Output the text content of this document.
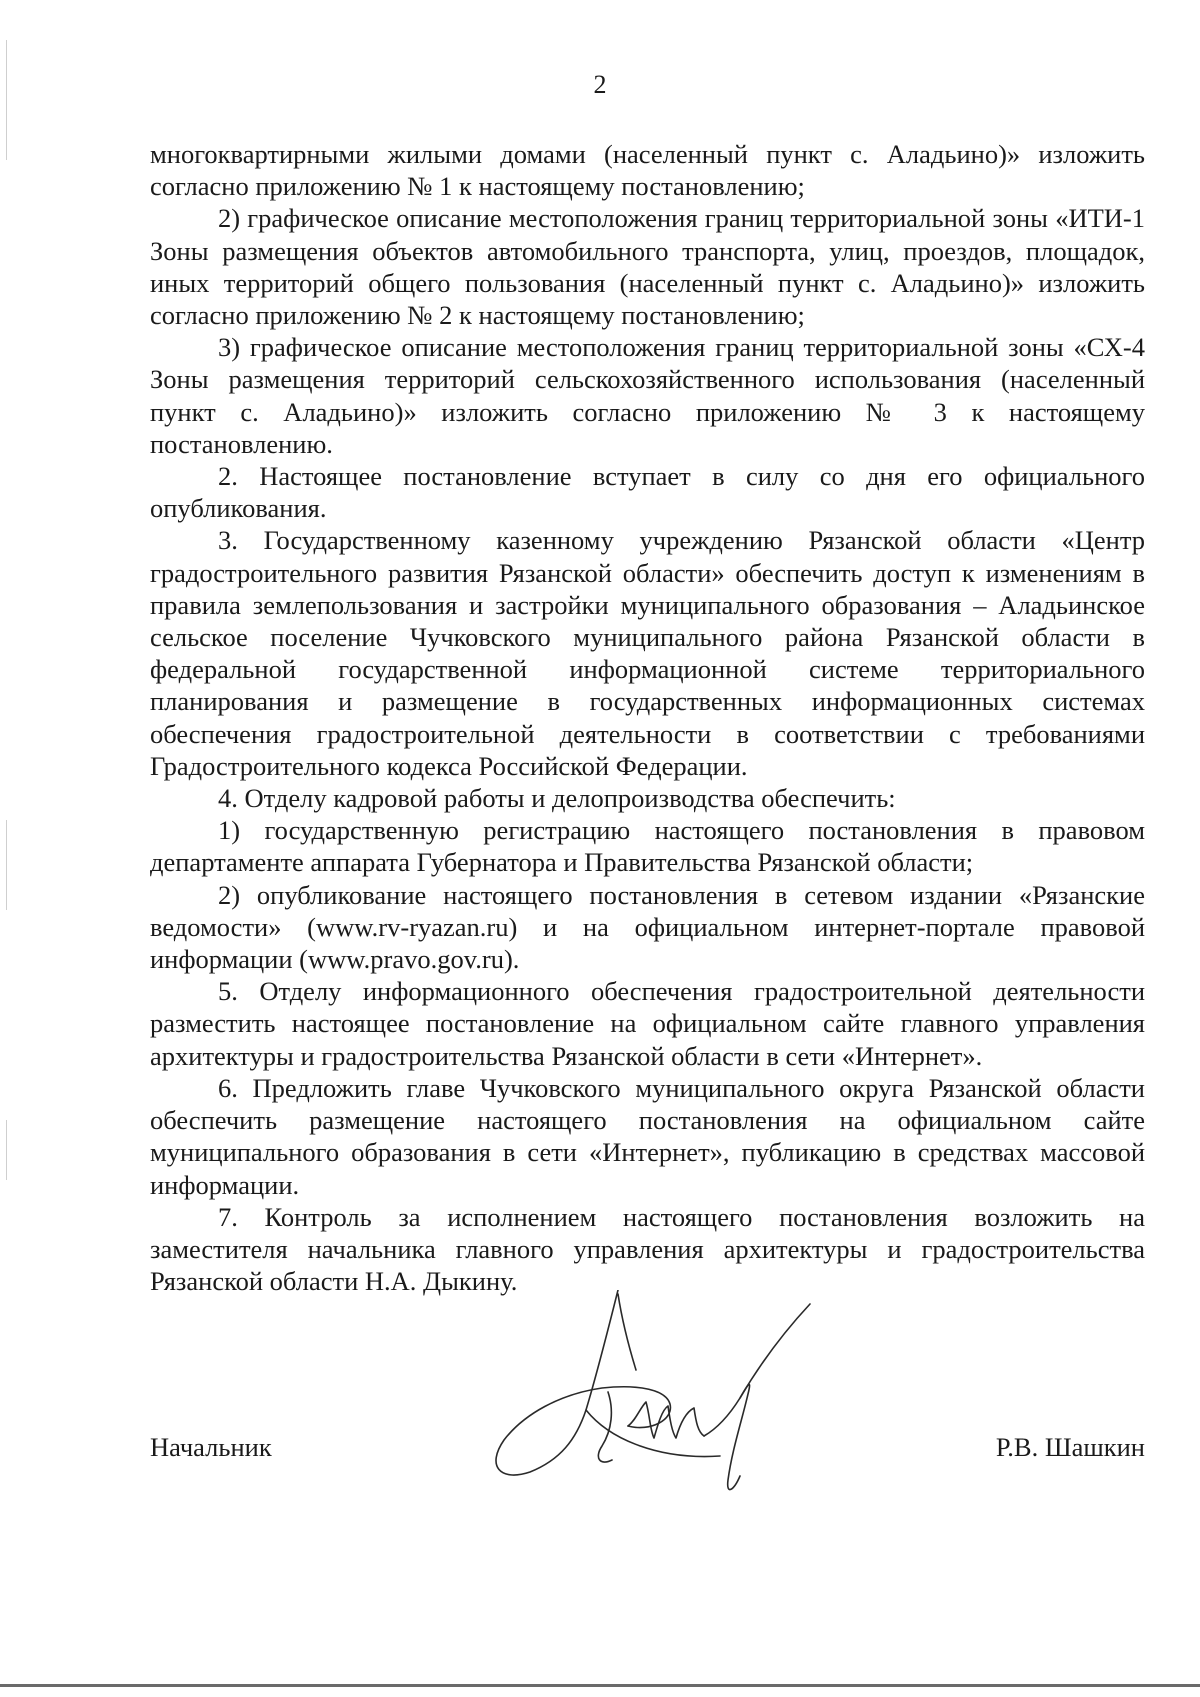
2

многоквартирными жилыми домами (населенный пункт с. Аладьино)» изложить согласно приложению № 1 к настоящему постановлению;

2) графическое описание местоположения границ территориальной зоны «ИТИ-1 Зоны размещения объектов автомобильного транспорта, улиц, проездов, площадок, иных территорий общего пользования (населенный пункт с. Аладьино)» изложить согласно приложению № 2 к настоящему постановлению;

3) графическое описание местоположения границ территориальной зоны «СХ-4 Зоны размещения территорий сельскохозяйственного использования (населенный пункт с. Аладьино)» изложить согласно приложению № 3 к настоящему постановлению.

2. Настоящее постановление вступает в силу со дня его официального опубликования.

3. Государственному казенному учреждению Рязанской области «Центр градостроительного развития Рязанской области» обеспечить доступ к изменениям в правила землепользования и застройки муниципального образования – Аладьинское сельское поселение Чучковского муниципального района Рязанской области в федеральной государственной информационной системе территориального планирования и размещение в государственных информационных системах обеспечения градостроительной деятельности в соответствии с требованиями Градостроительного кодекса Российской Федерации.

4. Отделу кадровой работы и делопроизводства обеспечить:

1) государственную регистрацию настоящего постановления в правовом департаменте аппарата Губернатора и Правительства Рязанской области;

2) опубликование настоящего постановления в сетевом издании «Рязанские ведомости» (www.rv-ryazan.ru) и на официальном интернет-портале правовой информации (www.pravo.gov.ru).

5. Отделу информационного обеспечения градостроительной деятельности разместить настоящее постановление на официальном сайте главного управления архитектуры и градостроительства Рязанской области в сети «Интернет».

6. Предложить главе Чучковского муниципального округа Рязанской области обеспечить размещение настоящего постановления на официальном сайте муниципального образования в сети «Интернет», публикацию в средствах массовой информации.

7. Контроль за исполнением настоящего постановления возложить на заместителя начальника главного управления архитектуры и градостроительства Рязанской области Н.А. Дыкину.

Начальник	Р.В. Шашкин
